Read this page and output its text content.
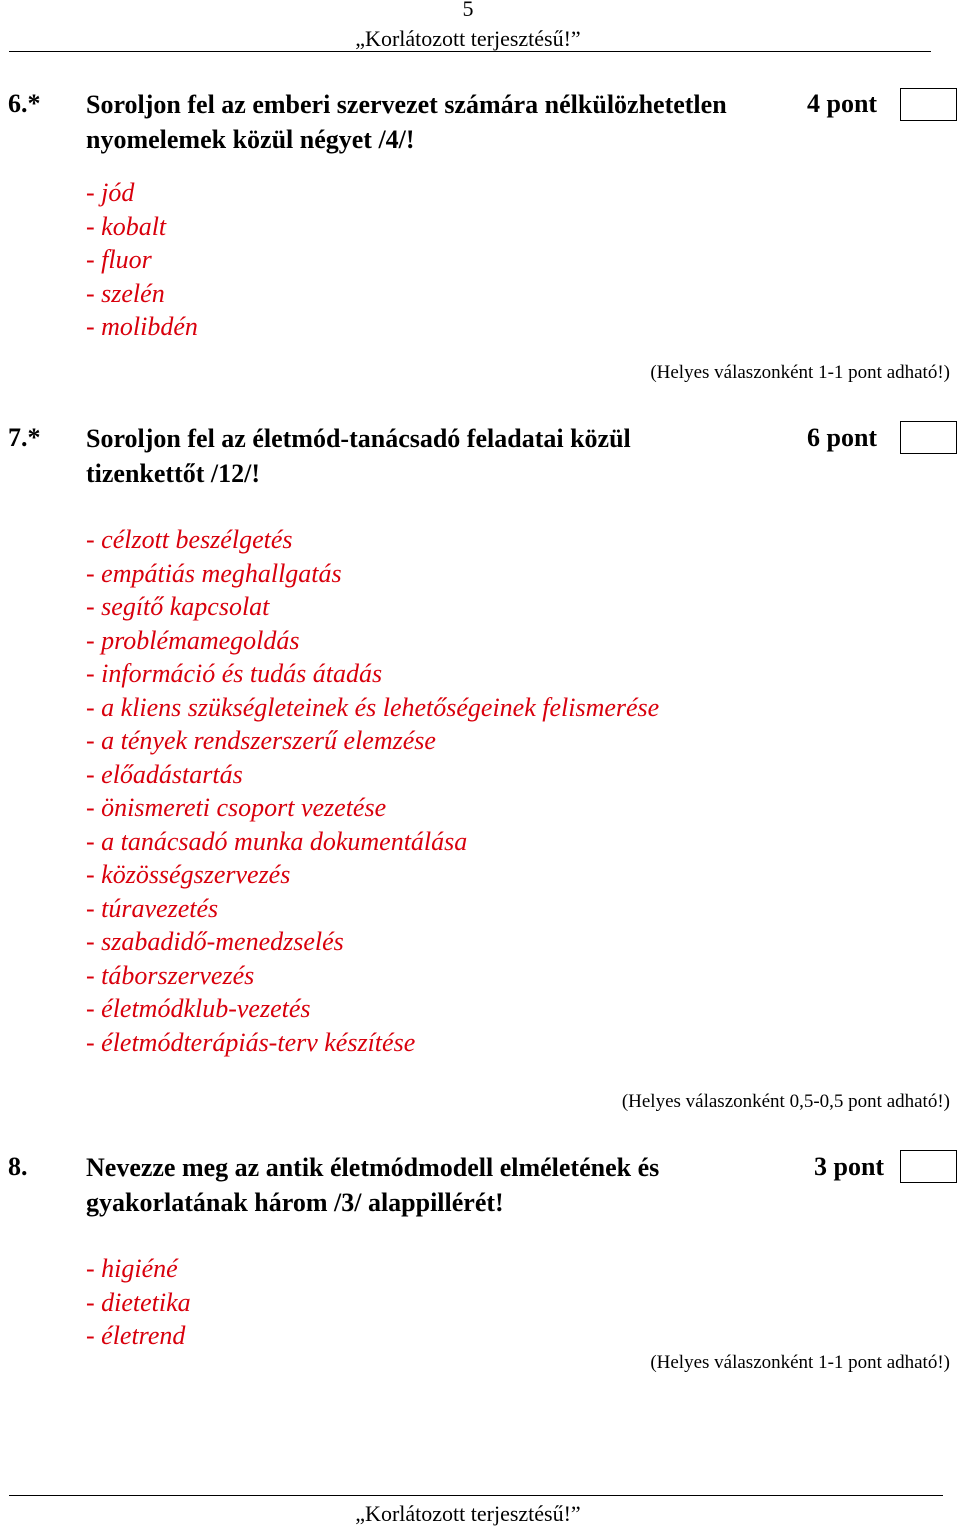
5
„Korlátozott terjesztésű!”
6.* Soroljon fel az emberi szervezet számára nélkülözhetetlen
nyomelemek közül négyet /4/!
4 pont
- jód
- kobalt
- fluor
- szelén
- molibdén
(Helyes válaszonként 1-1 pont adható!)
7.* Soroljon fel az életmód-tanácsadó feladatai közül
tizenkettőt /12/!
6 pont
- célzott beszélgetés
- empátiás meghallgatás
- segítő kapcsolat
- problémamegoldás
- információ és tudás átadás
- a kliens szükségleteinek és lehetőségeinek felismerése
- a tények rendszerszerű elemzése
- előadástartás
- önismereti csoport vezetése
- a tanácsadó munka dokumentálása
- közösségszervezés
- túravezetés
- szabadidő-menedzselés
- táborszervezés
- életmódklub-vezetés
- életmódterápiás-terv készítése
(Helyes válaszonként 0,5-0,5 pont adható!)
8. Nevezze meg az antik életmódmodell elméletének és
gyakorlatának három /3/ alappillérét!
3 pont
- higiéné
- dietetika
- életrend
(Helyes válaszonként 1-1 pont adható!)
„Korlátozott terjesztésű!”
